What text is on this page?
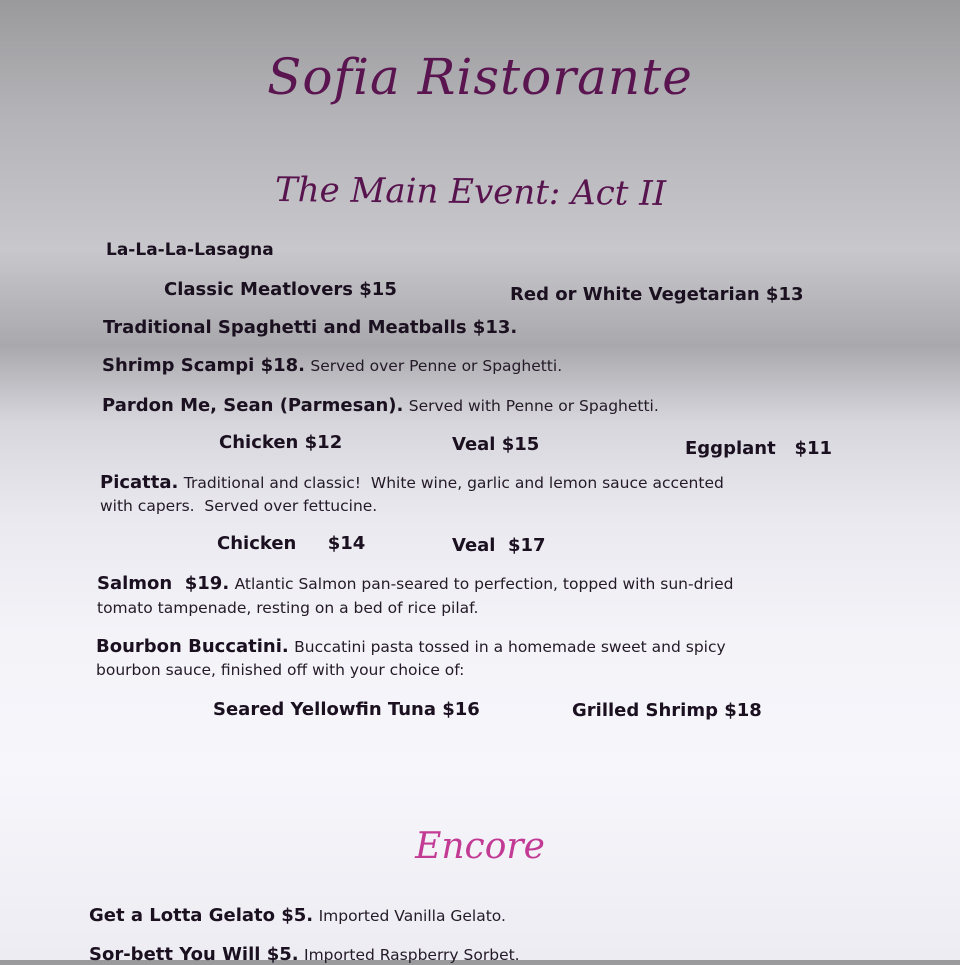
Sofia Ristorante
The Main Event: Act II
La-La-La-Lasagna
Classic Meatlovers $15	Red or White Vegetarian $13
Traditional Spaghetti and Meatballs $13.
Shrimp Scampi $18. Served over Penne or Spaghetti.
Pardon Me, Sean (Parmesan). Served with Penne or Spaghetti.
Chicken $12	Veal $15	Eggplant   $11
Picatta. Traditional and classic!  White wine, garlic and lemon sauce accented
with capers.  Served over fettucine.
Chicken     $14	Veal  $17
Salmon  $19. Atlantic Salmon pan-seared to perfection, topped with sun-dried
tomato tampenade, resting on a bed of rice pilaf.
Bourbon Buccatini. Buccatini pasta tossed in a homemade sweet and spicy
bourbon sauce, finished off with your choice of:
Seared Yellowfin Tuna $16	Grilled Shrimp $18
Encore
Get a Lotta Gelato $5. Imported Vanilla Gelato.
Sor-bett You Will $5. Imported Raspberry Sorbet.
